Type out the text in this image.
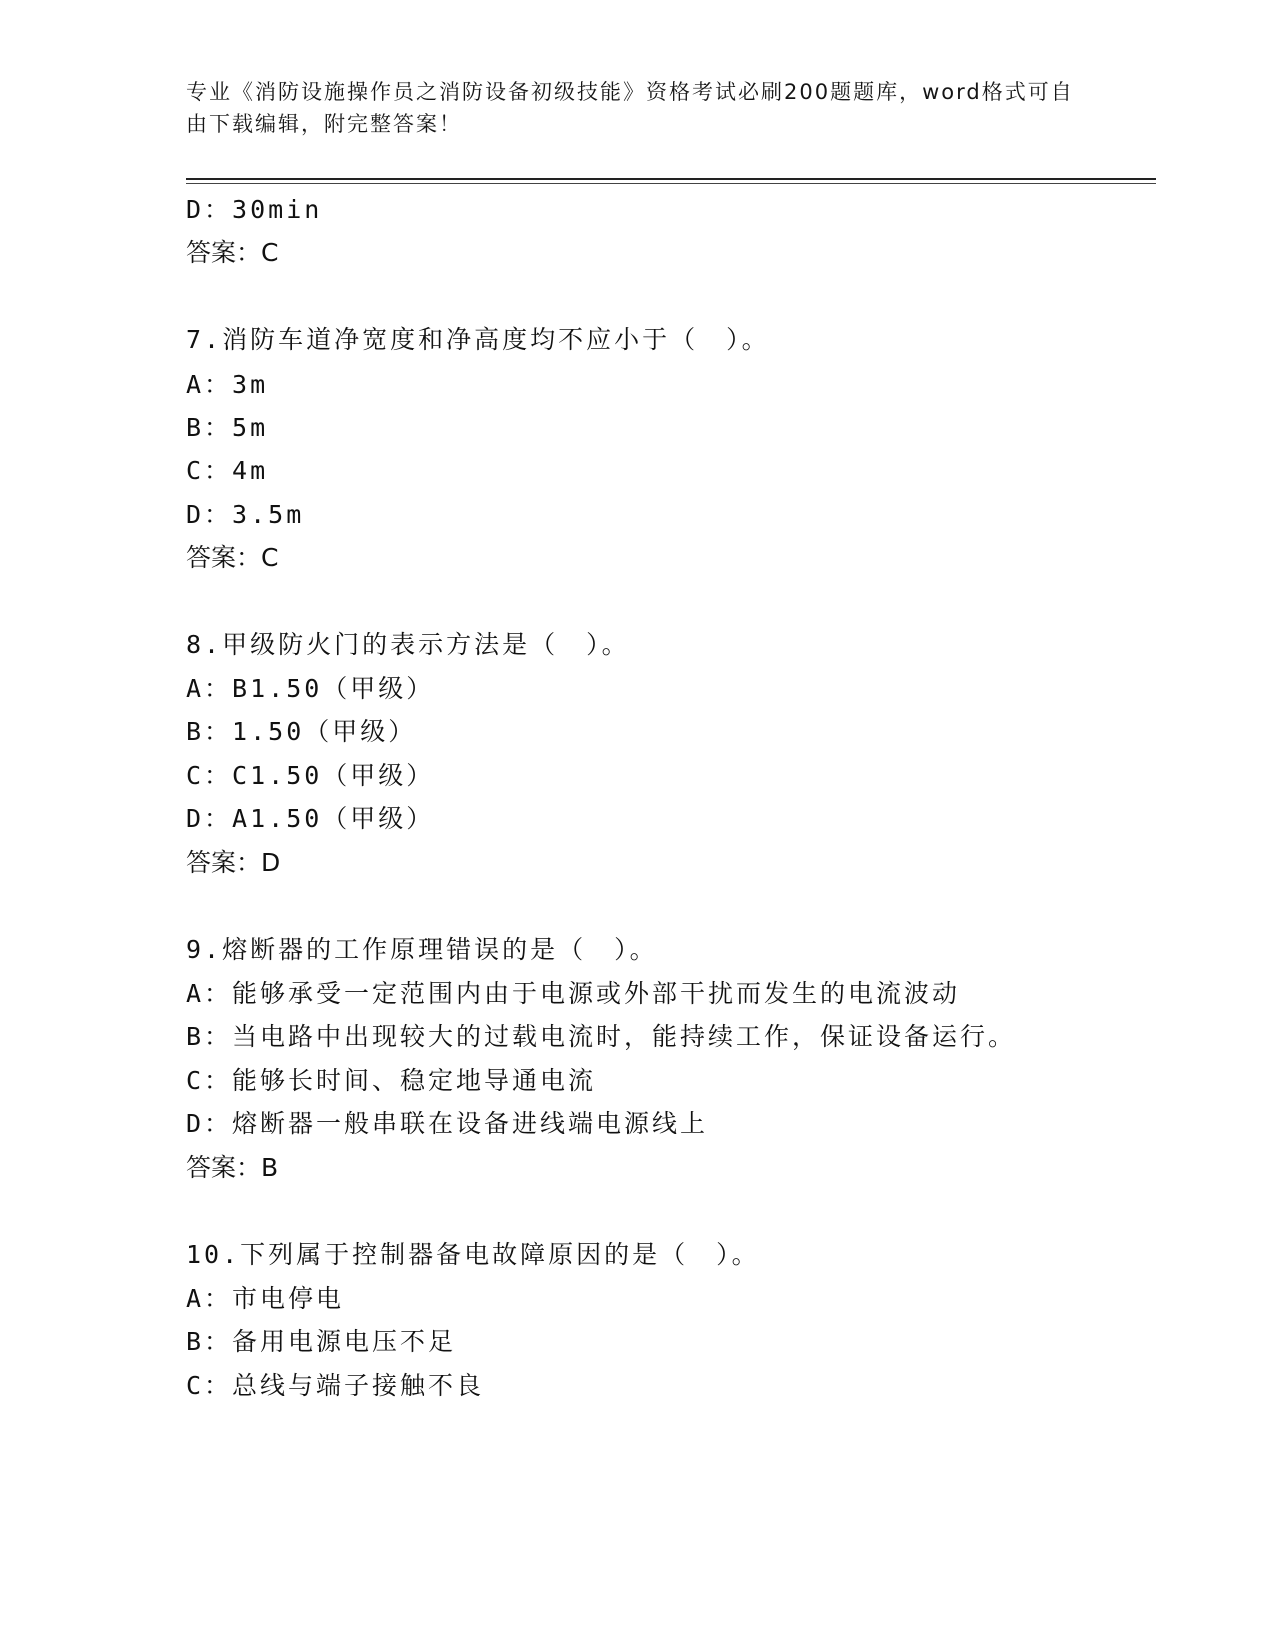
专业《消防设施操作员之消防设备初级技能》资格考试必刷200题题库，word格式可自由下载编辑，附完整答案！
D：30min
答案：C
7.消防车道净宽度和净高度均不应小于（　）。
A：3m
B：5m
C：4m
D：3.5m
答案：C
8.甲级防火门的表示方法是（　）。
A：B1.50（甲级）
B：1.50（甲级）
C：C1.50（甲级）
D：A1.50（甲级）
答案：D
9.熔断器的工作原理错误的是（　）。
A：能够承受一定范围内由于电源或外部干扰而发生的电流波动
B：当电路中出现较大的过载电流时，能持续工作，保证设备运行。
C：能够长时间、稳定地导通电流
D：熔断器一般串联在设备进线端电源线上
答案：B
10.下列属于控制器备电故障原因的是（　）。
A：市电停电
B：备用电源电压不足
C：总线与端子接触不良
